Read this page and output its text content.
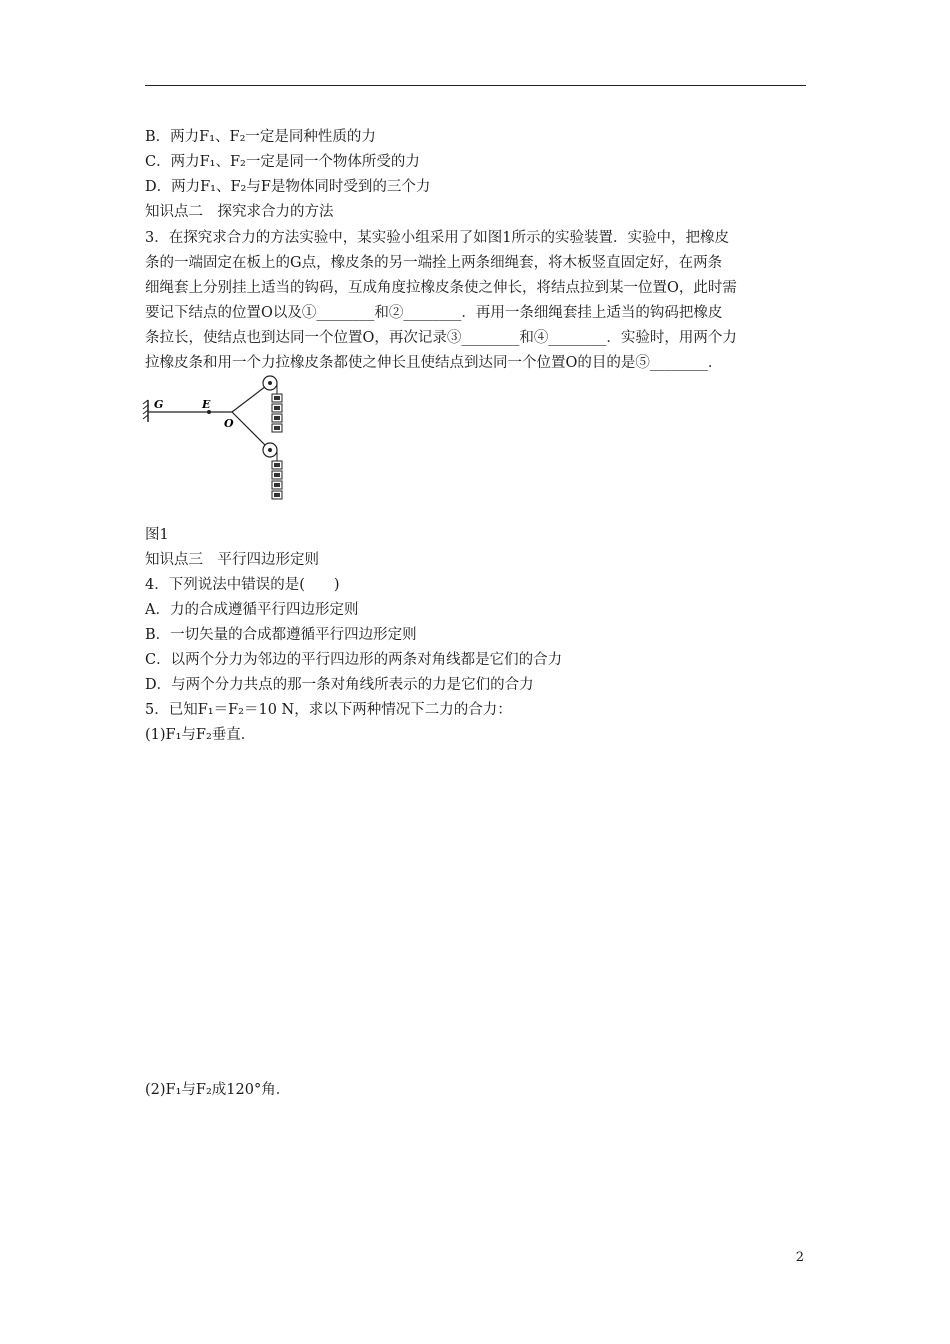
B．两力F₁、F₂一定是同种性质的力
C．两力F₁、F₂一定是同一个物体所受的力
D．两力F₁、F₂与F是物体同时受到的三个力
知识点二　探究求合力的方法
3．在探究求合力的方法实验中，某实验小组采用了如图1所示的实验装置．实验中，把橡皮
条的一端固定在板上的G点，橡皮条的另一端拴上两条细绳套，将木板竖直固定好，在两条
细绳套上分别挂上适当的钩码，互成角度拉橡皮条使之伸长，将结点拉到某一位置O，此时需
要记下结点的位置O以及①________和②________．再用一条细绳套挂上适当的钩码把橡皮
条拉长，使结点也到达同一个位置O，再次记录③________和④________．实验时，用两个力
拉橡皮条和用一个力拉橡皮条都使之伸长且使结点到达同一个位置O的目的是⑤________．
G	E
O
图1
知识点三　平行四边形定则
4．下列说法中错误的是(　　)
A．力的合成遵循平行四边形定则
B．一切矢量的合成都遵循平行四边形定则
C．以两个分力为邻边的平行四边形的两条对角线都是它们的合力
D．与两个分力共点的那一条对角线所表示的力是它们的合力
5．已知F₁＝F₂＝10 N，求以下两种情况下二力的合力：
(1)F₁与F₂垂直．
(2)F₁与F₂成120°角．
2
